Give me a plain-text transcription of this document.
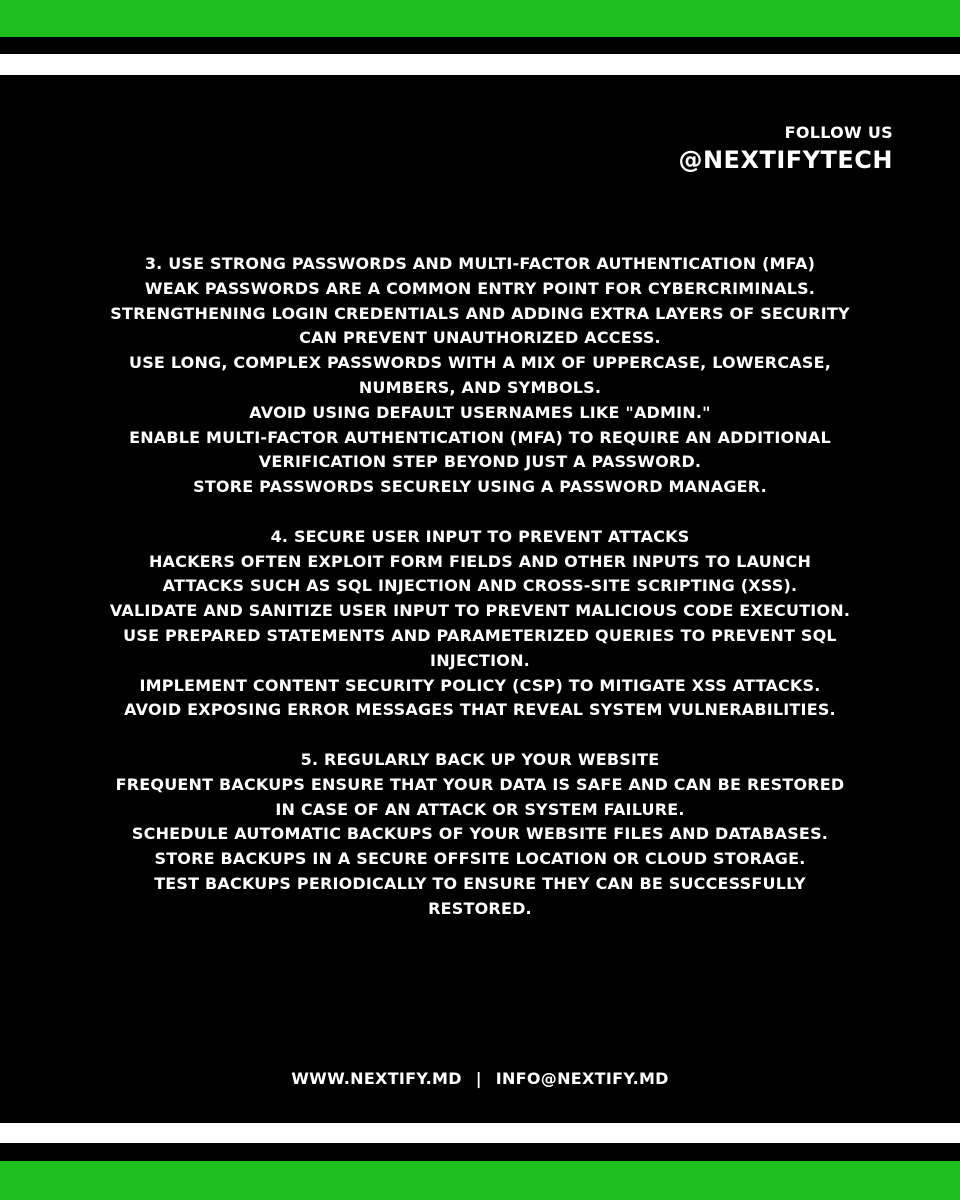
FOLLOW US
@NEXTIFYTECH
3. USE STRONG PASSWORDS AND MULTI-FACTOR AUTHENTICATION (MFA)
WEAK PASSWORDS ARE A COMMON ENTRY POINT FOR CYBERCRIMINALS.
STRENGTHENING LOGIN CREDENTIALS AND ADDING EXTRA LAYERS OF SECURITY
CAN PREVENT UNAUTHORIZED ACCESS.
USE LONG, COMPLEX PASSWORDS WITH A MIX OF UPPERCASE, LOWERCASE,
NUMBERS, AND SYMBOLS.
AVOID USING DEFAULT USERNAMES LIKE "ADMIN."
ENABLE MULTI-FACTOR AUTHENTICATION (MFA) TO REQUIRE AN ADDITIONAL
VERIFICATION STEP BEYOND JUST A PASSWORD.
STORE PASSWORDS SECURELY USING A PASSWORD MANAGER.
4. SECURE USER INPUT TO PREVENT ATTACKS
HACKERS OFTEN EXPLOIT FORM FIELDS AND OTHER INPUTS TO LAUNCH
ATTACKS SUCH AS SQL INJECTION AND CROSS-SITE SCRIPTING (XSS).
VALIDATE AND SANITIZE USER INPUT TO PREVENT MALICIOUS CODE EXECUTION.
USE PREPARED STATEMENTS AND PARAMETERIZED QUERIES TO PREVENT SQL
INJECTION.
IMPLEMENT CONTENT SECURITY POLICY (CSP) TO MITIGATE XSS ATTACKS.
AVOID EXPOSING ERROR MESSAGES THAT REVEAL SYSTEM VULNERABILITIES.
5. REGULARLY BACK UP YOUR WEBSITE
FREQUENT BACKUPS ENSURE THAT YOUR DATA IS SAFE AND CAN BE RESTORED
IN CASE OF AN ATTACK OR SYSTEM FAILURE.
SCHEDULE AUTOMATIC BACKUPS OF YOUR WEBSITE FILES AND DATABASES.
STORE BACKUPS IN A SECURE OFFSITE LOCATION OR CLOUD STORAGE.
TEST BACKUPS PERIODICALLY TO ENSURE THEY CAN BE SUCCESSFULLY
RESTORED.
WWW.NEXTIFY.MD | INFO@NEXTIFY.MD
